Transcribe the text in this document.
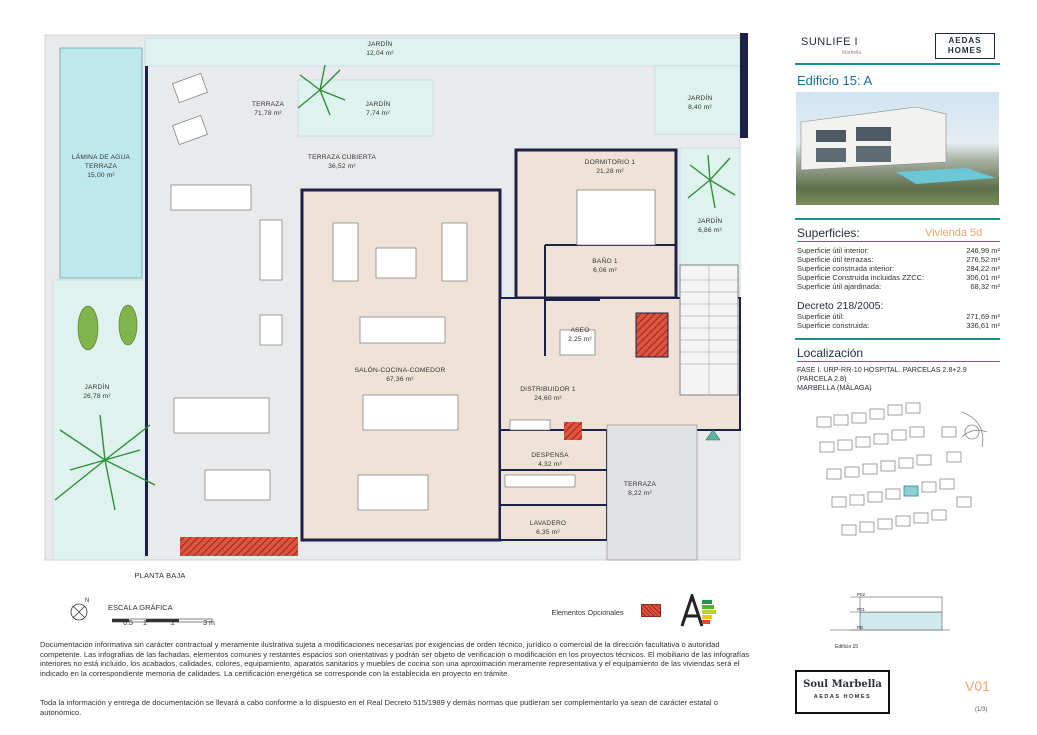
JARDÍN
12,04 m²
TERRAZA
71,78 m²
JARDÍN
7,74 m²
JARDÍN
8,40 m²

LÁMINA DE AGUA
TERRAZA
15,00 m²
TERRAZA CUBIERTA
36,52 m²
DORMITORIO 1
21,28 m²
JARDÍN
6,86 m²
BAÑO 1
6,06 m²
ASEO
2,25 m²
SALÓN-COCINA-COMEDOR
67,36 m²
DISTRIBUIDOR 1
24,60 m²
JARDÍN
26,78 m²
DESPENSA
4,32 m²
TERRAZA
8,22 m²
LAVADERO
6,35 m²
PLANTA BAJA
N
ESCALA GRÁFICA
0.5	1	2	3 m
Elementos Opcionales
Documentación informativa sin carácter contractual y meramente ilustrativa sujeta a modificaciones necesarias por exigencias de orden técnico, jurídico o comercial de la dirección facultativa o autoridad competente. Las infografías de las fachadas, elementos comunes y restantes espacios son orientativas y podrán ser objeto de verificación o modificación en los proyectos técnicos. El mobiliario de las infografías interiores no está incluido, los acabados, calidades, colores, equipamiento, aparatos sanitarios y muebles de cocina son una aproximación meramente representativa y el equipamiento de las viviendas será el indicado en la correspondiente memoria de calidades. La certificación energética se corresponde con la establecida en proyecto en trámite.
Toda la información y entrega de documentación se llevará a cabo conforme a lo dispuesto en el Real Decreto 515/1989 y demás normas que pudieran ser complementarlo ya sean de carácter estatal o autonómico.
SUNLIFE I
Marbella
AEDAS
HOMES
Edificio 15: A
Superficies:	Vivienda 5d
Superficie útil interior:	246,99 m²
Superficie útil terrazas:	276,52 m²
Superficie construida interior:	284,22 m²
Superficie Construida incluidas ZZCC:	306,01 m²
Superficie útil ajardinada:	68,32 m²
Decreto 218/2005:
Superficie útil:	271,69 m²
Superficie construida:	336,61 m²
Localización
FASE I. URP-RR-10 HOSPITAL. PARCELAS 2.8+2.9
(PARCELA 2.8)
MARBELLA (MÁLAGA)
P02
P01
PB
Edificio 15
Soul Marbella
AEDAS HOMES
V01
(1/3)
